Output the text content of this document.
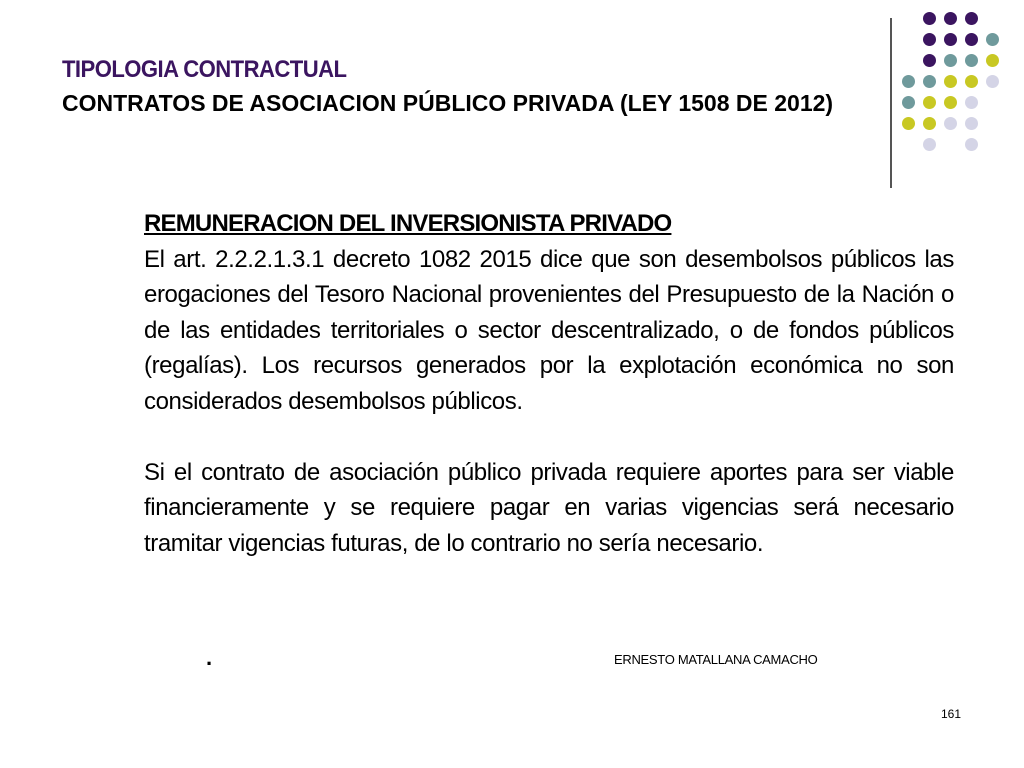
TIPOLOGIA CONTRACTUAL
CONTRATOS DE ASOCIACION PÚBLICO PRIVADA (LEY 1508 DE 2012)
REMUNERACION DEL INVERSIONISTA PRIVADO

El art. 2.2.2.1.3.1 decreto 1082 2015 dice que son desembolsos públicos las erogaciones del Tesoro Nacional provenientes del Presupuesto de la Nación o de las entidades territoriales o sector descentralizado, o de fondos públicos (regalías). Los recursos generados por la explotación económica no son considerados desembolsos públicos.

Si el contrato de asociación público privada requiere aportes para ser viable financieramente y se requiere pagar en varias vigencias será necesario tramitar vigencias futuras, de lo contrario no sería necesario.

.	ERNESTO MATALLANA CAMACHO
161
